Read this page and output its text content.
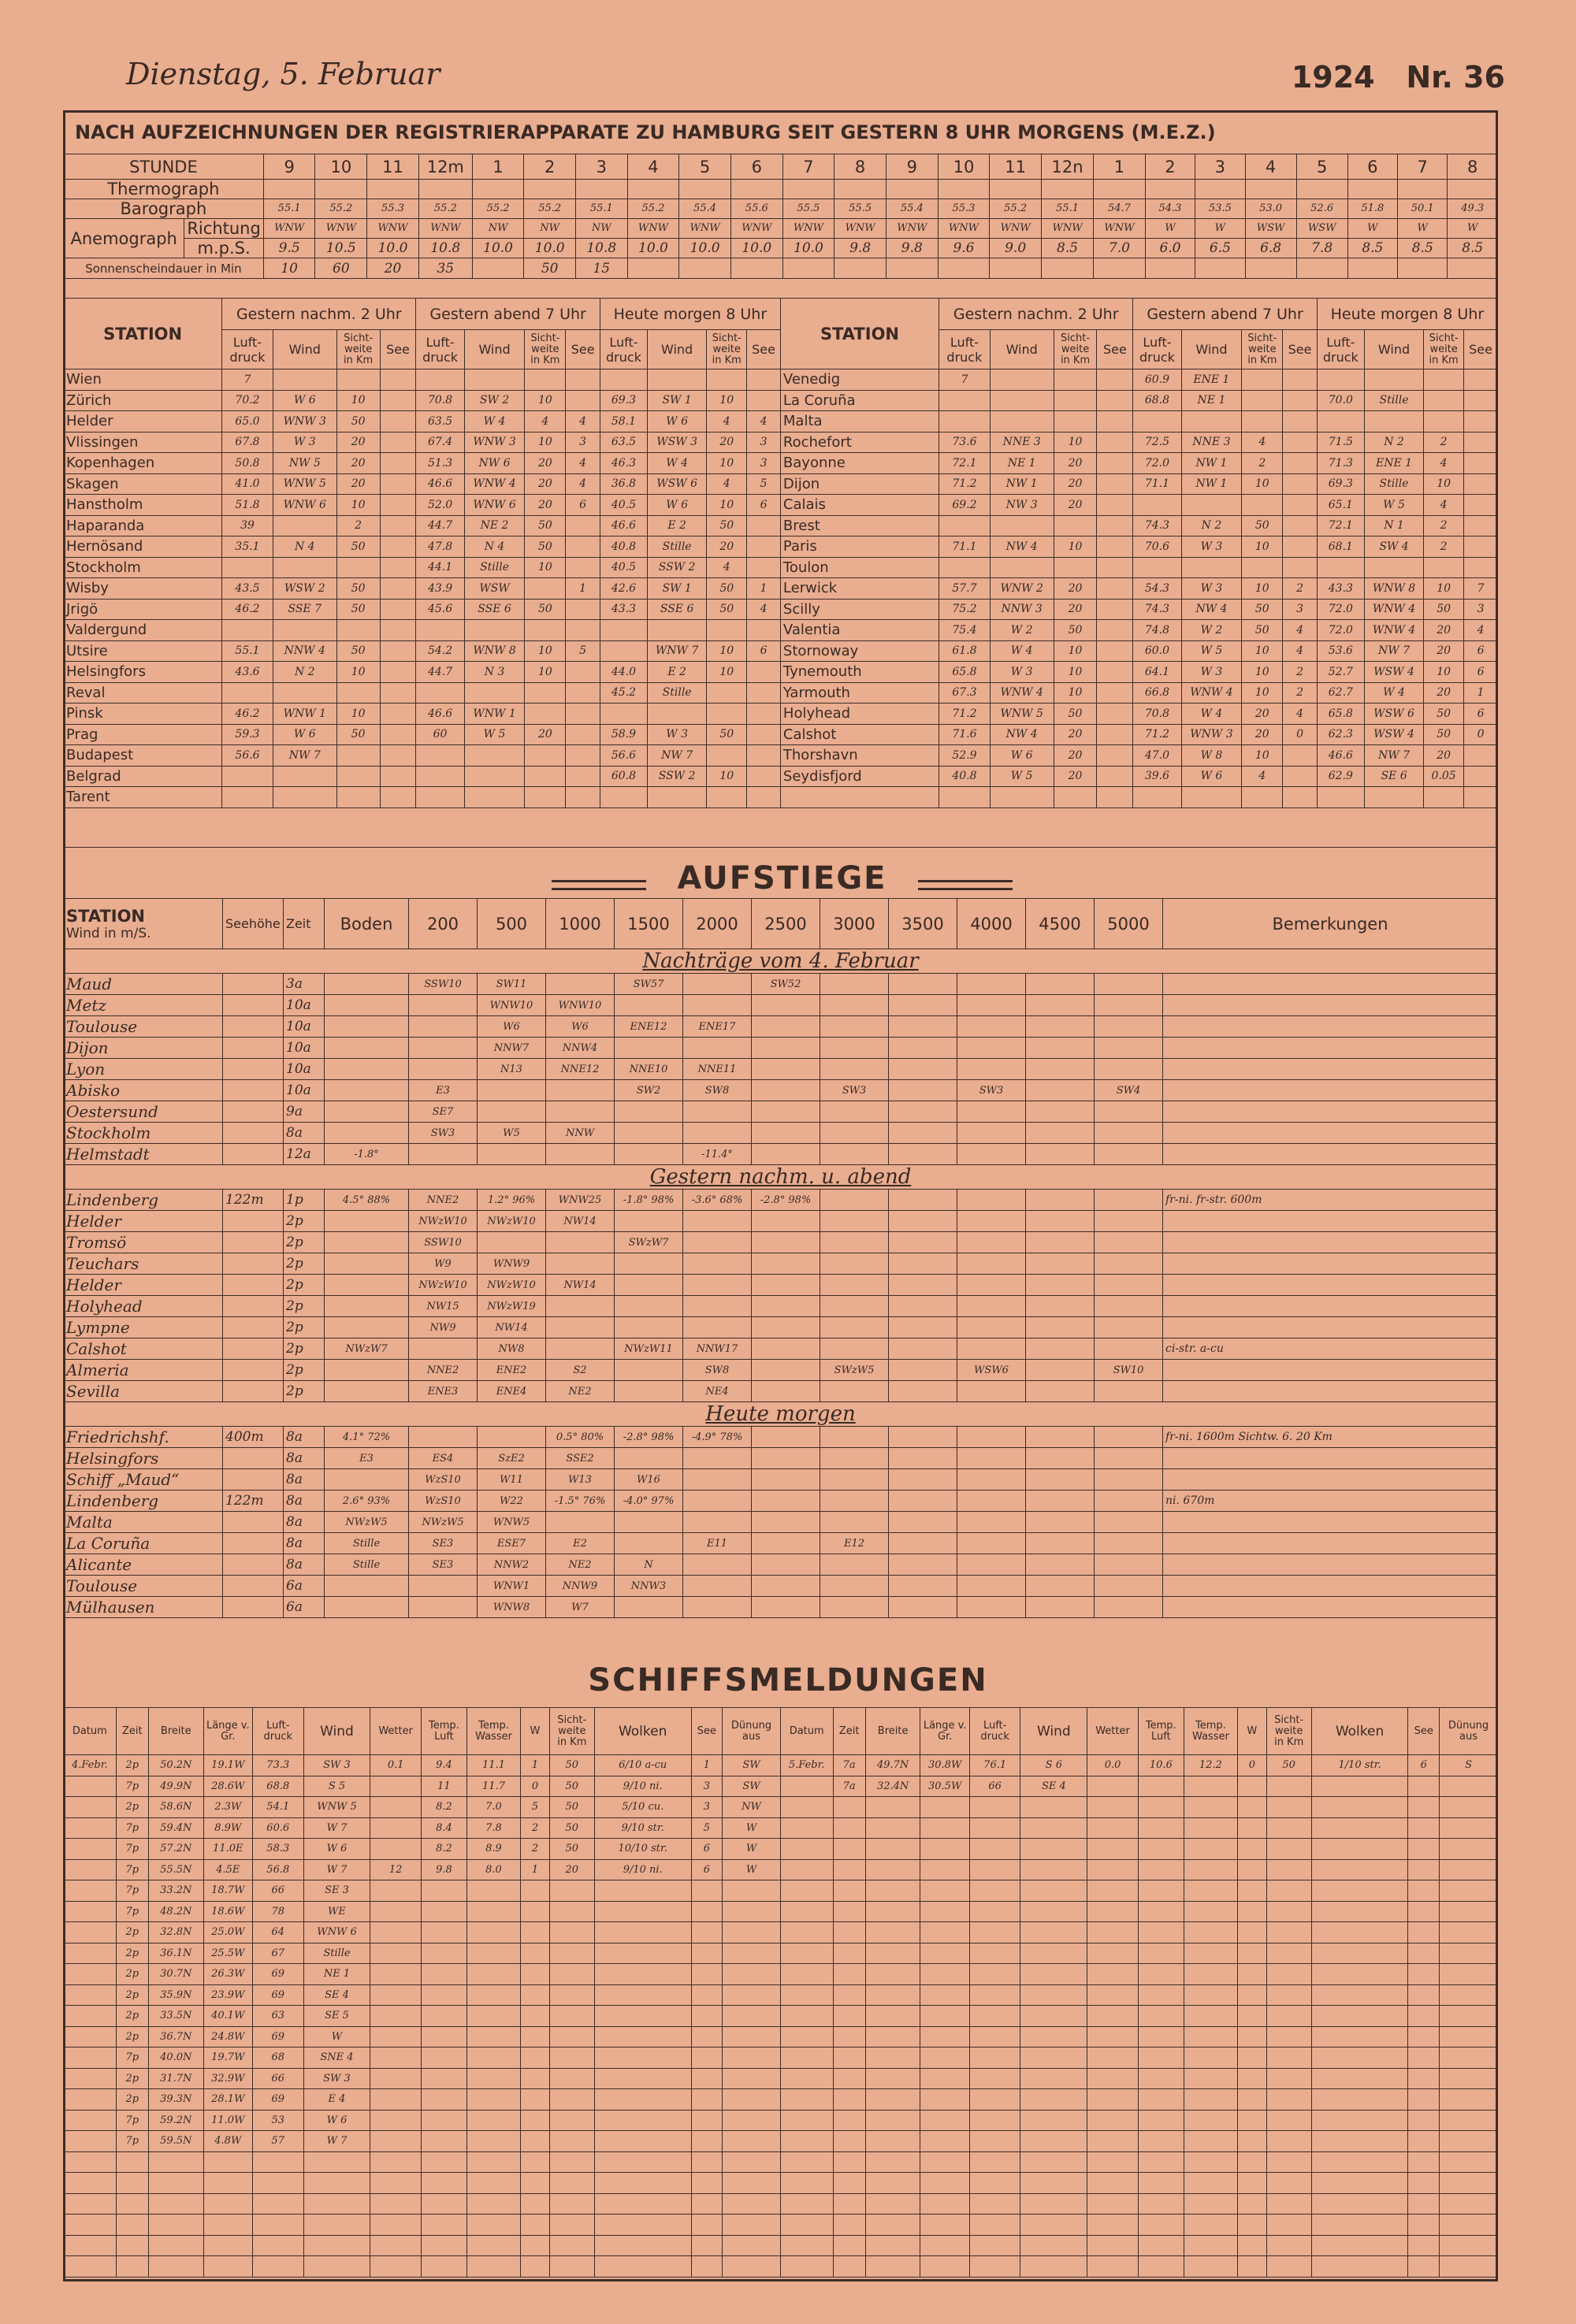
Dienstag, 5. Februar	1924 Nr. 36
NACH AUFZEICHNUNGEN DER REGISTRIERAPPARATE ZU HAMBURG SEIT GESTERN 8 UHR MORGENS (M.E.Z.)
STUNDE		9	10	11	12m	1	2	3	4	5	6	7	8	9	10	11	12n	1	2	3	4	5	6	7	8
Thermograph																									
Barograph		55.1	55.2	55.3	55.2	55.2	55.2	55.1	55.2	55.4	55.6	55.5	55.5	55.4	55.3	55.2	55.1	54.7	54.3	53.5	53.0	52.6	51.8	50.1	49.3
Anemograph	Richtung	WNW	WNW	WNW	WNW	NW	NW	NW	WNW	WNW	WNW	WNW	WNW	WNW	WNW	WNW	WNW	WNW	W	W	WSW	WSW	W	W	W
	m.p.S.	9.5	10.5	10.0	10.8	10.0	10.0	10.8	10.0	10.0	10.0	10.0	9.8	9.8	9.6	9.0	8.5	7.0	6.0	6.5	6.8	7.8	8.5	8.5	8.5
Sonnenscheindauer in Min		10	60	20	35		50	15																	
STATION	Gestern nachm. 2 Uhr				Gestern abend 7 Uhr				Heute morgen 8 Uhr				STATION	Gestern nachm. 2 Uhr				Gestern abend 7 Uhr				Heute morgen 8 Uhr			
	Luft-druck	Wind	Sicht-weite in Km	See	Luft-druck	Wind	Sicht-weite in Km	See	Luft-druck	Wind	Sicht-weite in Km	See		Luft-druck	Wind	Sicht-weite in Km	See	Luft-druck	Wind	Sicht-weite in Km	See	Luft-druck	Wind	Sicht-weite in Km	See
Wien	7												Venedig	7				60.9	ENE 1						
Zürich	70.2	W 6	10		70.8	SW 2	10		69.3	SW 1	10		La Coruña					68.8	NE 1			70.0	Stille		
Helder	65.0	WNW 3	50		63.5	W 4	4	4	58.1	W 6	4	4	Malta												
Vlissingen	67.8	W 3	20		67.4	WNW 3	10	3	63.5	WSW 3	20	3	Rochefort	73.6	NNE 3	10		72.5	NNE 3	4		71.5	N 2	2	
Kopenhagen	50.8	NW 5	20		51.3	NW 6	20	4	46.3	W 4	10	3	Bayonne	72.1	NE 1	20		72.0	NW 1	2		71.3	ENE 1	4	
Skagen	41.0	WNW 5	20		46.6	WNW 4	20	4	36.8	WSW 6	4	5	Dijon	71.2	NW 1	20		71.1	NW 1	10		69.3	Stille	10	
Hanstholm	51.8	WNW 6	10		52.0	WNW 6	20	6	40.5	W 6	10	6	Calais	69.2	NW 3	20						65.1	W 5	4	
Haparanda	39		2		44.7	NE 2	50		46.6	E 2	50		Brest					74.3	N 2	50		72.1	N 1	2	
Hernösand	35.1	N 4	50		47.8	N 4	50		40.8	Stille	20		Paris	71.1	NW 4	10		70.6	W 3	10		68.1	SW 4	2	
Stockholm					44.1	Stille	10		40.5	SSW 2	4		Toulon												
Wisby	43.5	WSW 2	50		43.9	WSW		1	42.6	SW 1	50	1	Lerwick	57.7	WNW 2	20		54.3	W 3	10	2	43.3	WNW 8	10	7
Jrigö	46.2	SSE 7	50		45.6	SSE 6	50		43.3	SSE 6	50	4	Scilly	75.2	NNW 3	20		74.3	NW 4	50	3	72.0	WNW 4	50	3
Valdergund													Valentia	75.4	W 2	50		74.8	W 2	50	4	72.0	WNW 4	20	4
Utsire	55.1	NNW 4	50		54.2	WNW 8	10	5		WNW 7	10	6	Stornoway	61.8	W 4	10		60.0	W 5	10	4	53.6	NW 7	20	6
Helsingfors	43.6	N 2	10		44.7	N 3	10		44.0	E 2	10		Tynemouth	65.8	W 3	10		64.1	W 3	10	2	52.7	WSW 4	10	6
Reval									45.2	Stille			Yarmouth	67.3	WNW 4	10		66.8	WNW 4	10	2	62.7	W 4	20	1
Pinsk	46.2	WNW 1	10		46.6	WNW 1							Holyhead	71.2	WNW 5	50		70.8	W 4	20	4	65.8	WSW 6	50	6
Prag	59.3	W 6	50		60	W 5	20		58.9	W 3	50		Calshot	71.6	NW 4	20		71.2	WNW 3	20	0	62.3	WSW 4	50	0
Budapest	56.6	NW 7							56.6	NW 7			Thorshavn	52.9	W 6	20		47.0	W 8	10		46.6	NW 7	20	
Belgrad									60.8	SSW 2	10		Seydisfjord	40.8	W 5	20		39.6	W 6	4		62.9	SE 6	0.05	
Tarent																									

AUFSTIEGE
STATION
Wind in m/S.	Seehöhe	Zeit	Boden	200	500	1000	1500	2000	2500	3000	3500	4000	4500	5000	Bemerkungen
Nachträge vom 4. Februar															
Maud		3a		SSW10	SW11		SW57		SW52						
Metz		10a			WNW10	WNW10									
Toulouse		10a			W6	W6	ENE12	ENE17							
Dijon		10a			NNW7	NNW4									
Lyon		10a			N13	NNE12	NNE10	NNE11							
Abisko		10a		E3			SW2	SW8		SW3		SW3		SW4	
Oestersund		9a		SE7											
Stockholm		8a		SW3	W5	NNW									
Helmstadt		12a	-1.8°					-11.4°							
Gestern nachm. u. abend															
Lindenberg	122m	1p	4.5° 88%	NNE2	1.2° 96%	WNW25	-1.8° 98%	-3.6° 68%	-2.8° 98%						fr-ni. fr-str. 600m
Helder		2p		NWzW10	NWzW10	NW14									
Tromsö		2p		SSW10			SWzW7								
Teuchars		2p		W9	WNW9										
Helder		2p		NWzW10	NWzW10	NW14									
Holyhead		2p		NW15	NWzW19										
Lympne		2p		NW9	NW14										
Calshot		2p	NWzW7		NW8		NWzW11	NNW17							ci-str. a-cu
Almeria		2p		NNE2	ENE2	S2		SW8		SWzW5		WSW6		SW10	
Sevilla		2p		ENE3	ENE4	NE2		NE4							
Heute morgen															
Friedrichshf.	400m	8a	4.1° 72%			0.5° 80%	-2.8° 98%	-4.9° 78%							fr-ni. 1600m Sichtw. 6. 20 Km
Helsingfors		8a	E3	ES4	SzE2	SSE2									
Schiff „Maud“		8a		WzS10	W11	W13	W16								
Lindenberg	122m	8a	2.6° 93%	WzS10	W22	-1.5° 76%	-4.0° 97%								ni. 670m
Malta		8a	NWzW5	NWzW5	WNW5										
La Coruña		8a	Stille	SE3	ESE7	E2		E11		E12					
Alicante		8a	Stille	SE3	NNW2	NE2	N								
Toulouse		6a			WNW1	NNW9	NNW3								
Mülhausen		6a			WNW8	W7									
SCHIFFSMELDUNGEN
Datum	Zeit	Breite	Länge v. Gr.	Luft-druck	Wind	Wetter	Temp. Luft	Temp. Wasser	W	Sicht-weite in Km	Wolken	See	Dünung aus	Datum	Zeit	Breite	Länge v. Gr.	Luft-druck	Wind	Wetter	Temp. Luft	Temp. Wasser	W	Sicht-weite in Km	Wolken	See	Dünung aus
4.Febr.	2p	50.2N	19.1W	73.3	SW 3	0.1	9.4	11.1	1	50	6/10 a-cu	1	SW	5.Febr.	7a	49.7N	30.8W	76.1	S 6	0.0	10.6	12.2	0	50	1/10 str.	6	S
	7p	49.9N	28.6W	68.8	S 5		11	11.7	0	50	9/10 ni.	3	SW		7a	32.4N	30.5W	66	SE 4								
	2p	58.6N	2.3W	54.1	WNW 5		8.2	7.0	5	50	5/10 cu.	3	NW														
	7p	59.4N	8.9W	60.6	W 7		8.4	7.8	2	50	9/10 str.	5	W														
	7p	57.2N	11.0E	58.3	W 6		8.2	8.9	2	50	10/10 str.	6	W														
	7p	55.5N	4.5E	56.8	W 7	12	9.8	8.0	1	20	9/10 ni.	6	W														
	7p	33.2N	18.7W	66	SE 3																						
	7p	48.2N	18.6W	78	WE																						
	2p	32.8N	25.0W	64	WNW 6																						
	2p	36.1N	25.5W	67	Stille																						
	2p	30.7N	26.3W	69	NE 1																						
	2p	35.9N	23.9W	69	SE 4																						
	2p	33.5N	40.1W	63	SE 5																						
	2p	36.7N	24.8W	69	W																						
	7p	40.0N	19.7W	68	SNE 4																						
	2p	31.7N	32.9W	66	SW 3																						
	2p	39.3N	28.1W	69	E 4																						
	7p	59.2N	11.0W	53	W 6																						
	7p	59.5N	4.8W	57	W 7																						
